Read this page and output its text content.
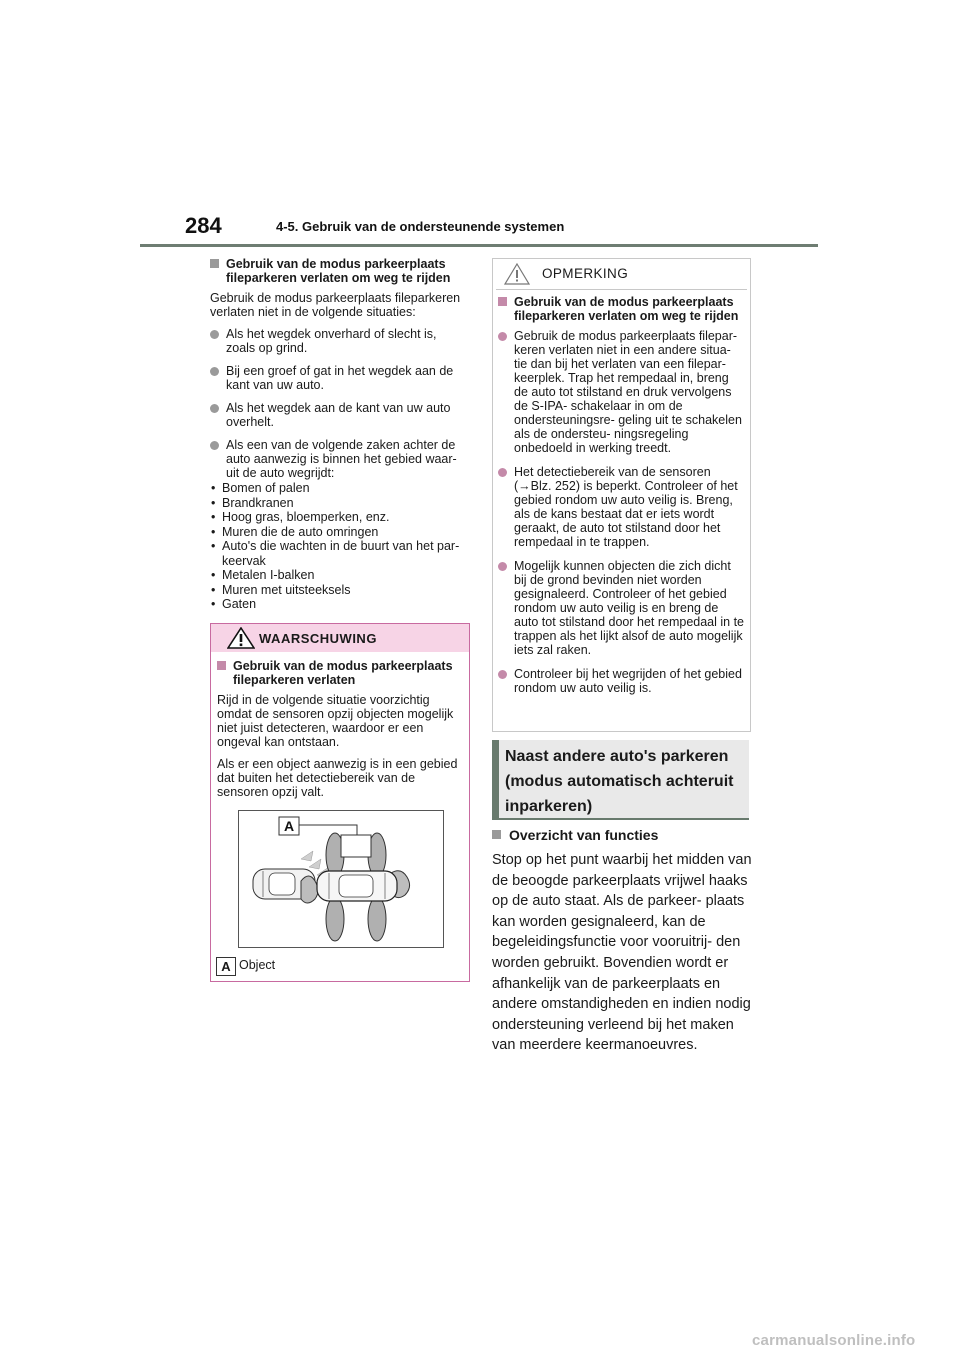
284	4-5. Gebruik van de ondersteunende systemen
Gebruik van de modus parkeerplaats fileparkeren verlaten om weg te rijden
Gebruik de modus parkeerplaats fileparkeren verlaten niet in de volgende situaties:
Als het wegdek onverhard of slecht is, zoals op grind.
Bij een groef of gat in het wegdek aan de kant van uw auto.
Als het wegdek aan de kant van uw auto overhelt.
Als een van de volgende zaken achter de auto aanwezig is binnen het gebied waar- uit de auto wegrijdt:
• Bomen of palen
• Brandkranen
• Hoog gras, bloemperken, enz.
• Muren die de auto omringen
• Auto's die wachten in de buurt van het par- keervak
• Metalen I-balken
• Muren met uitsteeksels
• Gaten
WAARSCHUWING
Gebruik van de modus parkeerplaats fileparkeren verlaten
Rijd in de volgende situatie voorzichtig omdat de sensoren opzij objecten mogelijk niet juist detecteren, waardoor er een ongeval kan ontstaan.
Als er een object aanwezig is in een gebied dat buiten het detectiebereik van de sensoren opzij valt.
A
A Object
OPMERKING
Gebruik van de modus parkeerplaats fileparkeren verlaten om weg te rijden
Gebruik de modus parkeerplaats filepar- keren verlaten niet in een andere situa- tie dan bij het verlaten van een filepar- keerplek. Trap het rempedaal in, breng de auto tot stilstand en druk vervolgens de S-IPA- schakelaar in om de ondersteuningsre- geling uit te schakelen als de ondersteu- ningsregeling onbedoeld in werking treedt.
Het detectiebereik van de sensoren (→Blz. 252) is beperkt. Controleer of het gebied rondom uw auto veilig is. Breng, als de kans bestaat dat er iets wordt geraakt, de auto tot stilstand door het rempedaal in te trappen.
Mogelijk kunnen objecten die zich dicht bij de grond bevinden niet worden gesignaleerd. Controleer of het gebied rondom uw auto veilig is en breng de auto tot stilstand door het rempedaal in te trappen als het lijkt alsof de auto mogelijk iets zal raken.
Controleer bij het wegrijden of het gebied rondom uw auto veilig is.
Naast andere auto's parkeren
(modus automatisch achteruit
inparkeren)
Overzicht van functies
Stop op het punt waarbij het midden van de beoogde parkeerplaats vrijwel haaks op de auto staat. Als de parkeer- plaats kan worden gesignaleerd, kan de begeleidingsfunctie voor vooruitrij- den worden gebruikt. Bovendien wordt er afhankelijk van de parkeerplaats en andere omstandigheden en indien nodig ondersteuning verleend bij het maken van meerdere keermanoeuvres.
carmanualsonline.info
